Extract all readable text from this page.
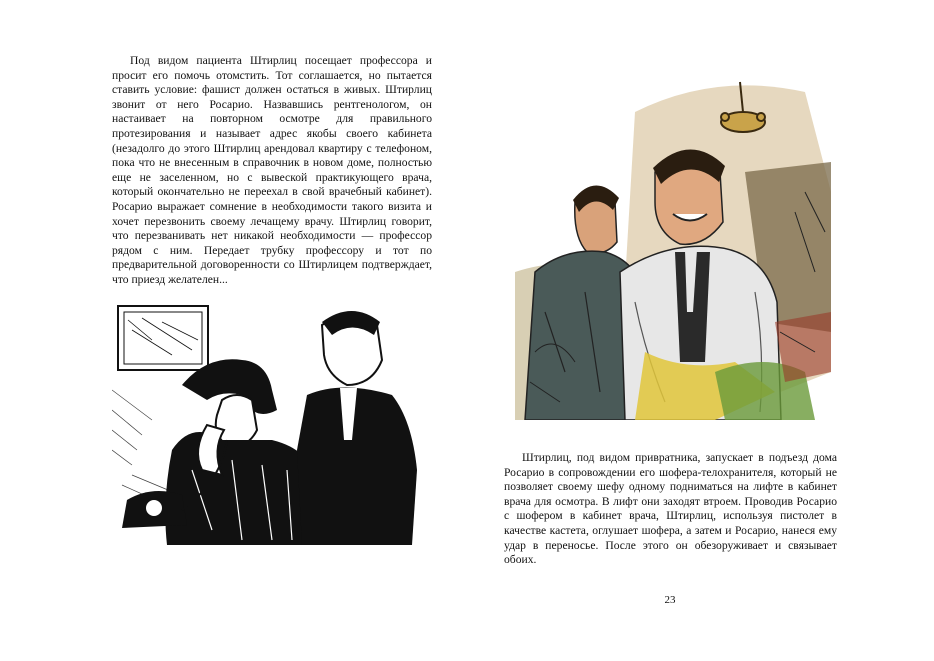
Под видом пациента Штирлиц посещает профессора и просит его помочь отомстить. Тот соглашается, но пытается ставить условие: фашист должен остаться в живых. Штирлиц звонит от него Росарио. Назвавшись рентгенологом, он настаивает на повторном осмотре для правильного протезирования и называет адрес якобы своего кабинета (незадолго до этого Штирлиц арендовал квартиру с телефоном, пока что не внесенным в справочник в новом доме, полностью еще не заселенном, но с вывеской практикующего врача, который окончательно не переехал в свой врачебный кабинет). Росарио выражает сомнение в необходимости такого визита и хочет перезвонить своему лечащему врачу. Штирлиц говорит, что перезванивать нет никакой необходимости — профессор рядом с ним. Передает трубку профессору и тот по предварительной договоренности со Штирлицем подтверждает, что приезд желателен...

Штирлиц, под видом привратника, запускает в подъезд дома Росарио в сопровождении его шофера-телохранителя, который не позволяет своему шефу одному подниматься на лифте в кабинет врача для осмотра. В лифт они заходят втроем. Проводив Росарио с шофером в кабинет врача, Штирлиц, используя пистолет в качестве кастета, оглушает шофера, а затем и Росарио, нанеся ему удар в переносье. После этого он обезоруживает и связывает обоих.

23
